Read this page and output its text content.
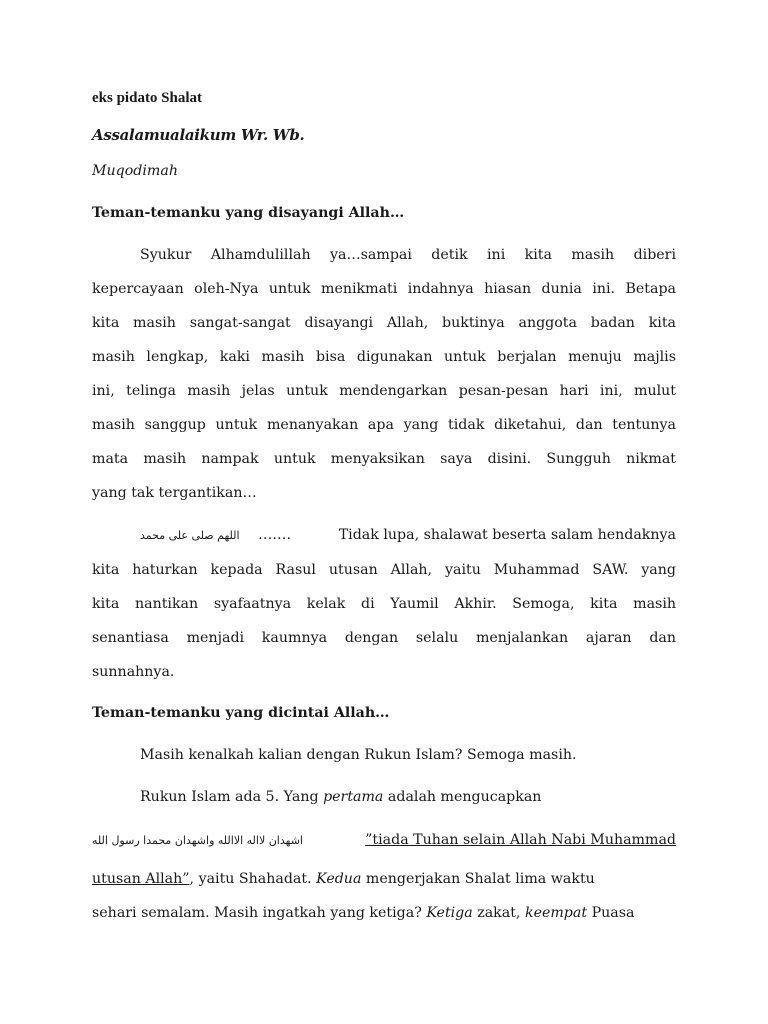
eks pidato Shalat
Assalamualaikum Wr. Wb.
Muqodimah
Teman-temanku yang disayangi Allah…
Syukur Alhamdulillah ya…sampai detik ini kita masih diberi
kepercayaan oleh-Nya untuk menikmati indahnya hiasan dunia ini. Betapa
kita masih sangat-sangat disayangi Allah, buktinya anggota badan kita
masih lengkap, kaki masih bisa digunakan untuk berjalan menuju majlis
ini, telinga masih jelas untuk mendengarkan pesan-pesan hari ini, mulut
masih sanggup untuk menanyakan apa yang tidak diketahui, dan tentunya
mata masih nampak untuk menyaksikan saya disini. Sungguh nikmat
yang tak tergantikan…
اللهم صلى على محمد …….	Tidak lupa, shalawat beserta salam hendaknya
kita haturkan kepada Rasul utusan Allah, yaitu Muhammad SAW. yang
kita nantikan syafaatnya kelak di Yaumil Akhir. Semoga, kita masih
senantiasa menjadi kaumnya dengan selalu menjalankan ajaran dan
sunnahnya.
Teman-temanku yang dicintai Allah…
Masih kenalkah kalian dengan Rukun Islam? Semoga masih.
Rukun Islam ada 5. Yang pertama adalah mengucapkan
اشهدان لااله الاالله واشهدان محمدا رسول الله	”tiada Tuhan selain Allah Nabi Muhammad
utusan Allah”, yaitu Shahadat. Kedua mengerjakan Shalat lima waktu
sehari semalam. Masih ingatkah yang ketiga? Ketiga zakat, keempat Puasa
